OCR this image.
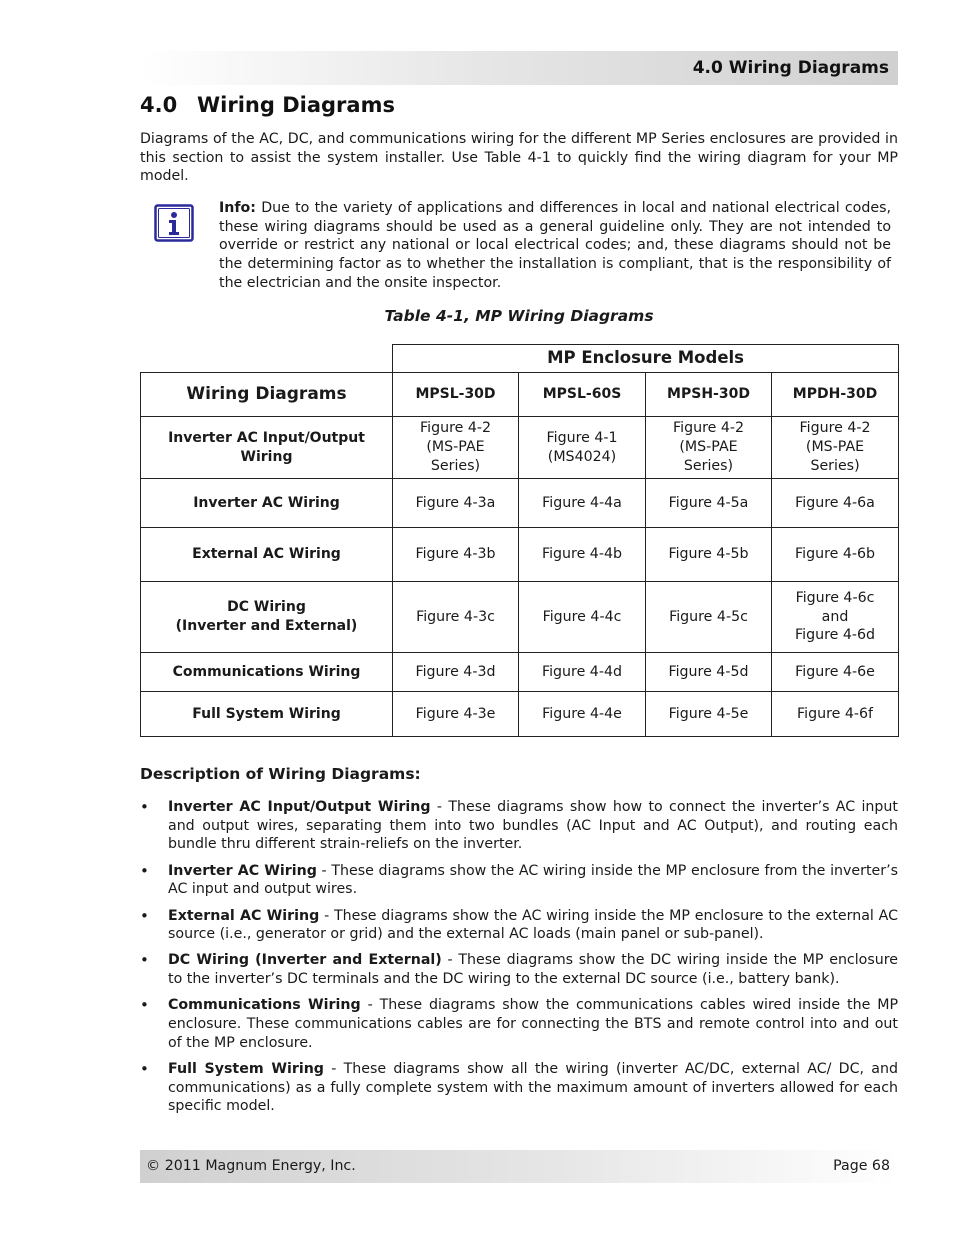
4.0 Wiring Diagrams
4.0 Wiring Diagrams

Diagrams of the AC, DC, and communications wiring for the different MP Series enclosures are provided in this section to assist the system installer. Use Table 4-1 to quickly find the wiring diagram for your MP model.

Info: Due to the variety of applications and differences in local and national electrical codes, these wiring diagrams should be used as a general guideline only. They are not intended to override or restrict any national or local electrical codes; and, these diagrams should not be the determining factor as to whether the installation is compliant, that is the responsibility of the electrician and the onsite inspector.

Table 4-1, MP Wiring Diagrams

	MP Enclosure Models			
Wiring Diagrams	MPSL-30D	MPSL-60S	MPSH-30D	MPDH-30D
Inverter AC Input/Output
Wiring	Figure 4-2
(MS-PAE
Series)	Figure 4-1
(MS4024)	Figure 4-2
(MS-PAE
Series)	Figure 4-2
(MS-PAE
Series)
Inverter AC Wiring	Figure 4-3a	Figure 4-4a	Figure 4-5a	Figure 4-6a
External AC Wiring	Figure 4-3b	Figure 4-4b	Figure 4-5b	Figure 4-6b
DC Wiring
(Inverter and External)	Figure 4-3c	Figure 4-4c	Figure 4-5c	Figure 4-6c
and
Figure 4-6d
Communications Wiring	Figure 4-3d	Figure 4-4d	Figure 4-5d	Figure 4-6e
Full System Wiring	Figure 4-3e	Figure 4-4e	Figure 4-5e	Figure 4-6f

Description of Wiring Diagrams:

•	Inverter AC Input/Output Wiring - These diagrams show how to connect the inverter’s AC input and output wires, separating them into two bundles (AC Input and AC Output), and routing each bundle thru different strain-reliefs on the inverter.
•	Inverter AC Wiring - These diagrams show the AC wiring inside the MP enclosure from the inverter’s AC input and output wires.
•	External AC Wiring - These diagrams show the AC wiring inside the MP enclosure to the external AC source (i.e., generator or grid) and the external AC loads (main panel or sub-panel).
•	DC Wiring (Inverter and External) - These diagrams show the DC wiring inside the MP enclosure to the inverter’s DC terminals and the DC wiring to the external DC source (i.e., battery bank).
•	Communications Wiring - These diagrams show the communications cables wired inside the MP enclosure. These communications cables are for connecting the BTS and remote control into and out of the MP enclosure.
•	Full System Wiring - These diagrams show all the wiring (inverter AC/DC, external AC/ DC, and communications) as a fully complete system with the maximum amount of inverters allowed for each specific model.
© 2011 Magnum Energy, Inc.	Page 68
